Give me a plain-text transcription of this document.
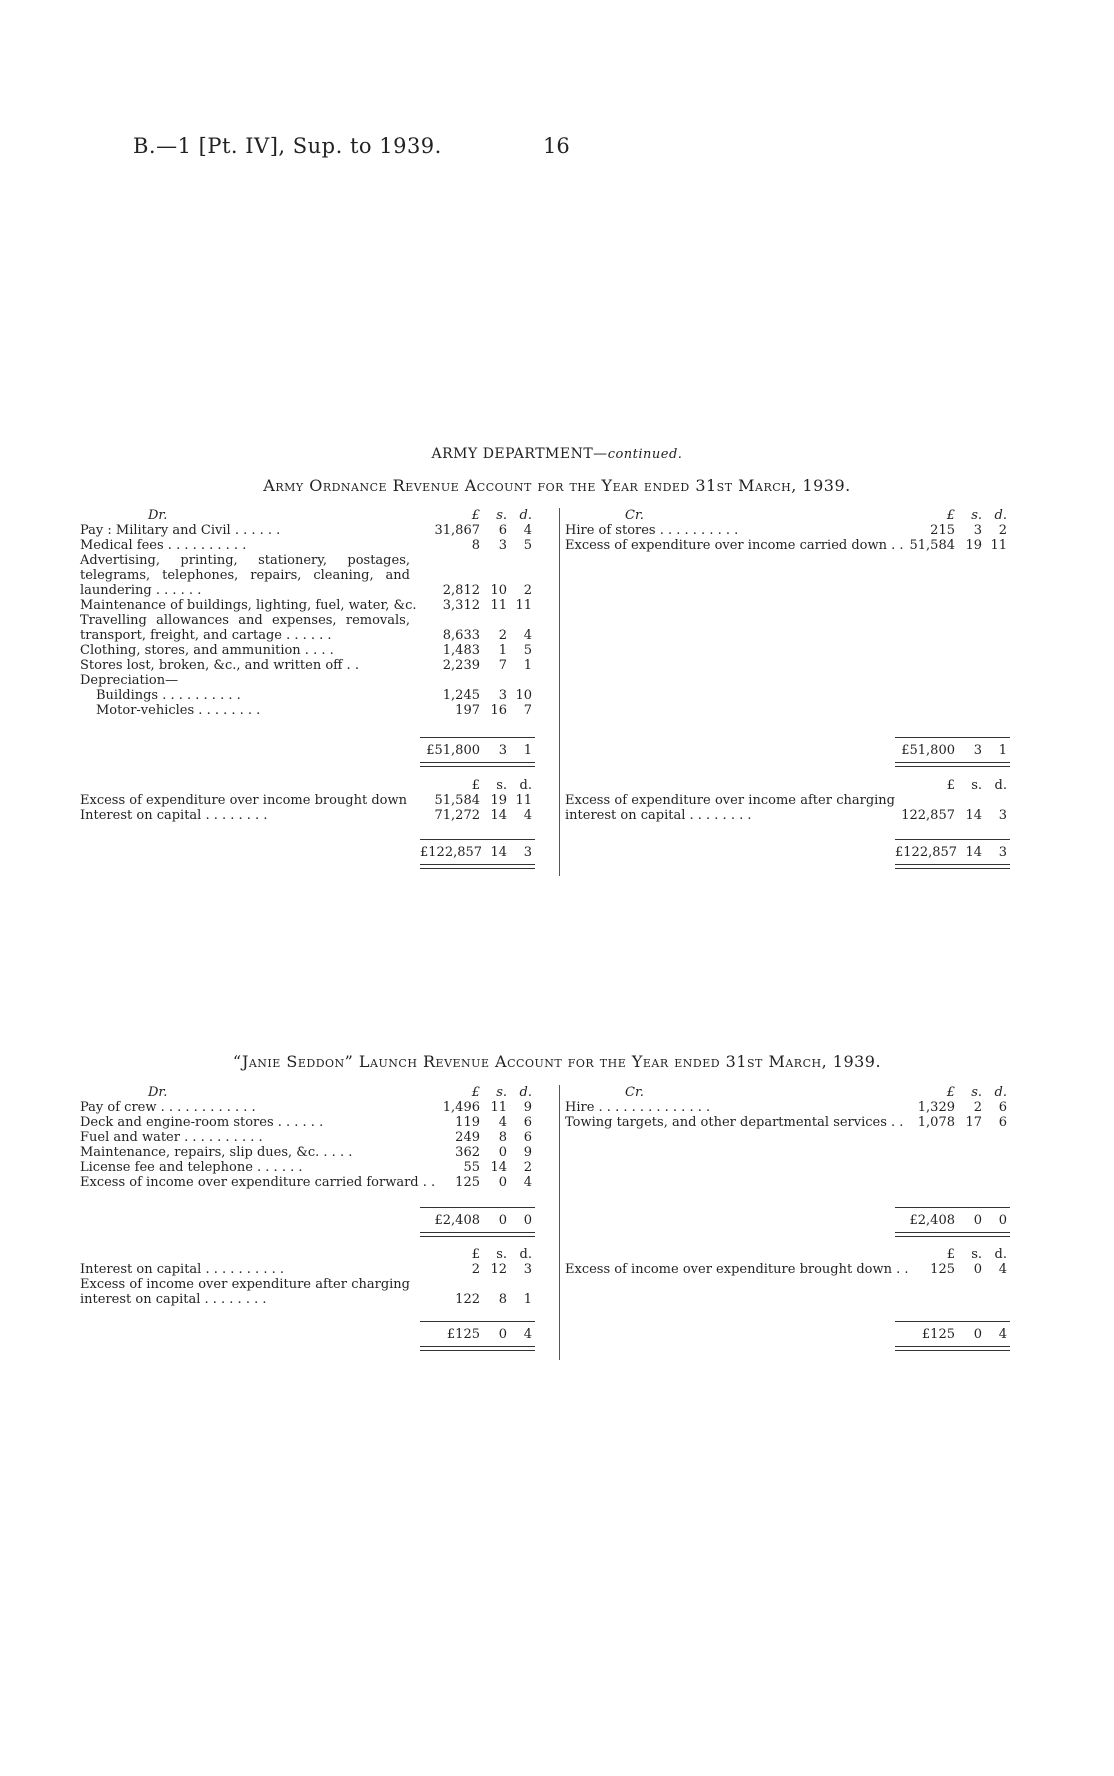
B.—1 [Pt. IV], Sup. to 1939.	16
ARMY DEPARTMENT—continued.
Army Ordnance Revenue Account for the Year ended 31st March, 1939.
Dr.	£	s. d.
Pay : Military and Civil . . . . . .	31,867	6	4
Medical fees . . . . . . . . . .	8	3	5
Advertising, printing, stationery, postages, telegrams, telephones, repairs, cleaning, and laundering . . . . . .	2,812 10	2
Maintenance of buildings, lighting, fuel, water, &c.	3,312 11 11
Travelling allowances and expenses, removals, transport, freight, and cartage . . . . . .	8,633	2	4
Clothing, stores, and ammunition . . . .	1,483	1	5
Stores lost, broken, &c., and written off . .	2,239	7	1
Depreciation—
Buildings . . . . . . . . . .	1,245	3 10
Motor-vehicles . . . . . . . .	197 16	7
£51,800	3	1
£	s. d.
Excess of expenditure over income brought down	51,584 19 11
Interest on capital . . . . . . . .	71,272 14	4
£122,857 14	3
Cr.	£	s. d.
Hire of stores . . . . . . . . . .	215	3	2
Excess of expenditure over income carried down . . 51,584 19 11
£51,800	3	1
£	s. d.
Excess of expenditure over income after charging interest on capital . . . . . . . .	122,857 14	3
£122,857 14	3
“Janie Seddon” Launch Revenue Account for the Year ended 31st March, 1939.
Dr.	£	s. d.
Pay of crew . . . . . . . . . . . .	1,496 11	9
Deck and engine-room stores . . . . . .	119	4	6
Fuel and water . . . . . . . . . .	249	8	6
Maintenance, repairs, slip dues, &c. . . . .	362	0	9
License fee and telephone . . . . . .	55 14	2
Excess of income over expenditure carried forward . .	125	0	4
£2,408	0	0
£	s. d.
Interest on capital . . . . . . . . . .	2 12	3
Excess of income over expenditure after charging interest on capital . . . . . . . .	122	8	1
£125	0	4
Cr.	£	s. d.
Hire . . . . . . . . . . . . . .	1,329	2	6
Towing targets, and other departmental services . .	1,078 17	6
£2,408	0	0
£	s. d.
Excess of income over expenditure brought down . .	125	0	4
£125	0	4
